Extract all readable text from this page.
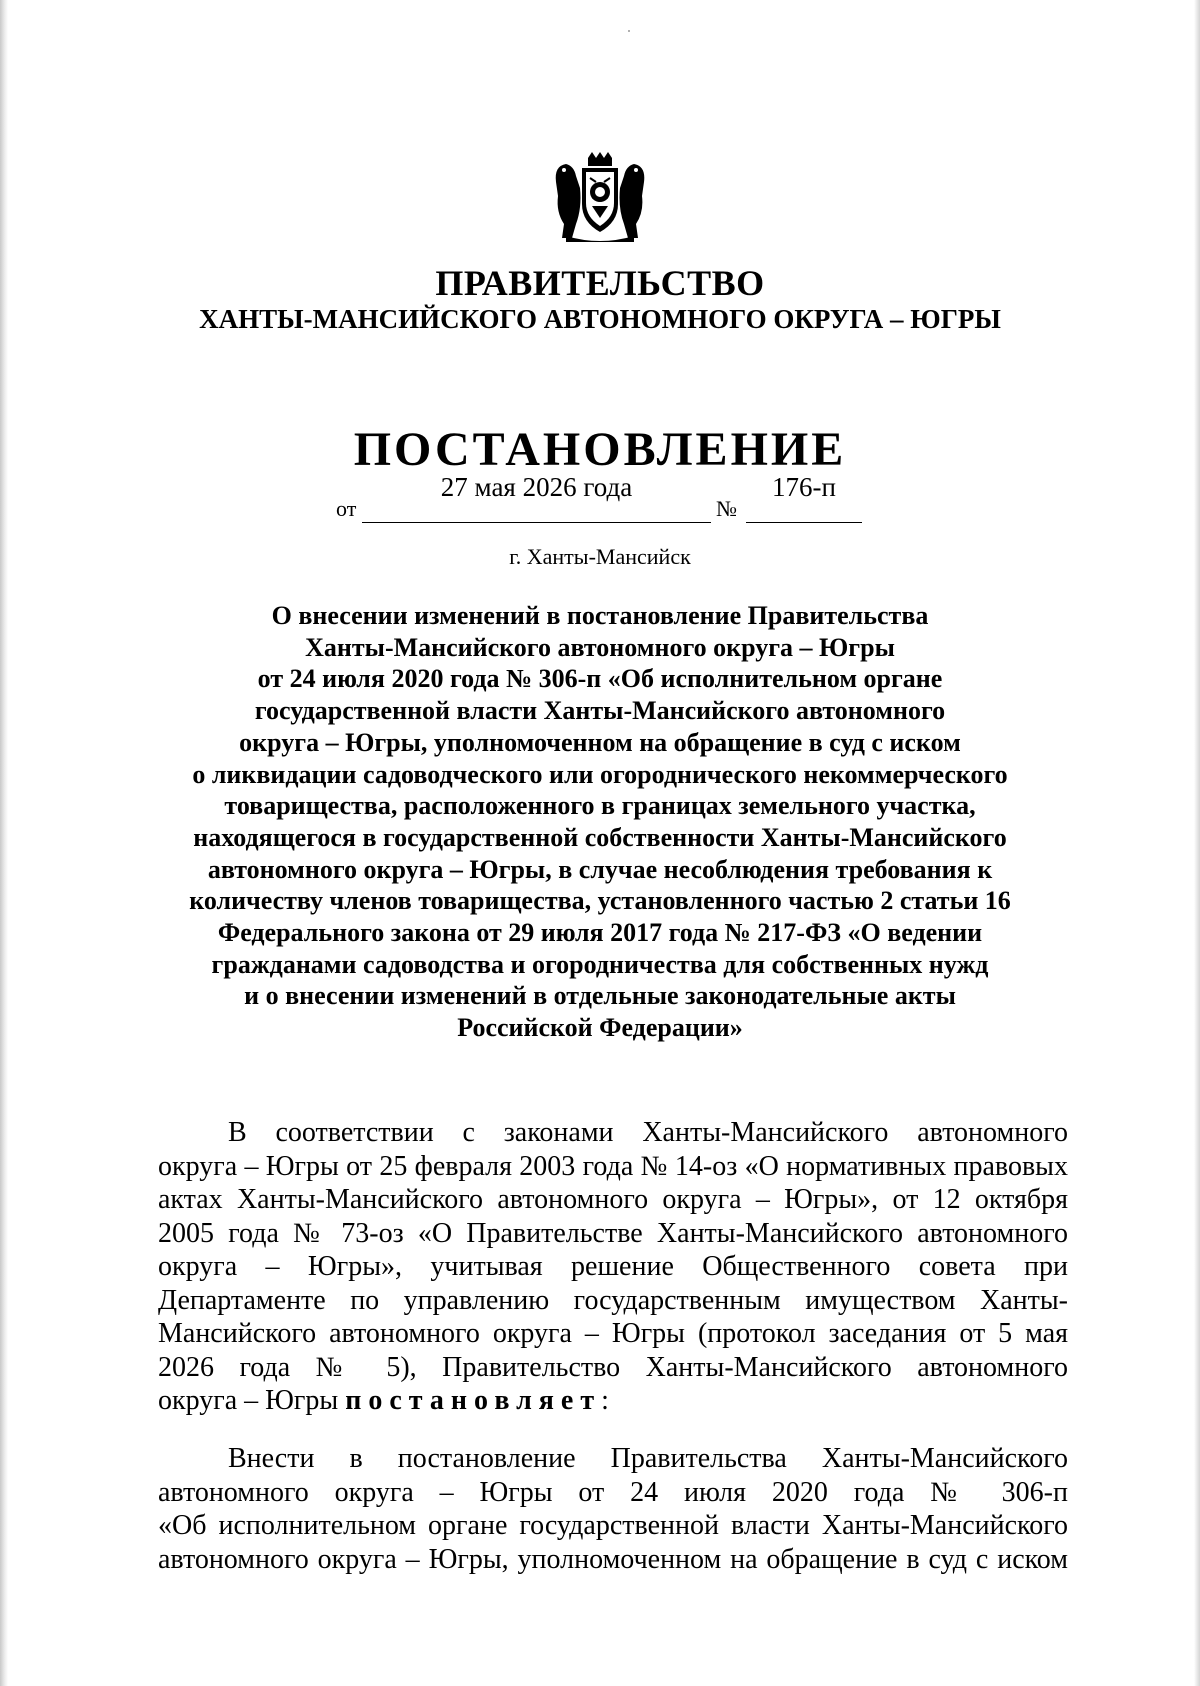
ПРАВИТЕЛЬСТВО
ХАНТЫ-МАНСИЙСКОГО АВТОНОМНОГО ОКРУГА – ЮГРЫ
ПОСТАНОВЛЕНИЕ
от
27 мая 2026 года
№
176-п
г. Ханты-Мансийск
О внесении изменений в постановление Правительства
Ханты-Мансийского автономного округа – Югры
от 24 июля 2020 года № 306-п «Об исполнительном органе
государственной власти Ханты-Мансийского автономного
округа – Югры, уполномоченном на обращение в суд с иском
о ликвидации садоводческого или огороднического некоммерческого
товарищества, расположенного в границах земельного участка,
находящегося в государственной собственности Ханты-Мансийского
автономного округа – Югры, в случае несоблюдения требования к
количеству членов товарищества, установленного частью 2 статьи 16
Федерального закона от 29 июля 2017 года № 217-ФЗ «О ведении
гражданами садоводства и огородничества для собственных нужд
и о внесении изменений в отдельные законодательные акты
Российской Федерации»
В соответствии с законами Ханты-Мансийского автономного
округа – Югры от 25 февраля 2003 года № 14-оз «О нормативных правовых
актах Ханты-Мансийского автономного округа – Югры», от 12 октября
2005 года № 73-оз «О Правительстве Ханты-Мансийского автономного
округа – Югры», учитывая решение Общественного совета при
Департаменте по управлению государственным имуществом Ханты-
Мансийского автономного округа – Югры (протокол заседания от 5 мая
2026 года № 5), Правительство Ханты-Мансийского автономного
округа – Югры постановляет:
Внести в постановление Правительства Ханты-Мансийского
автономного округа – Югры от 24 июля 2020 года № 306-п
«Об исполнительном органе государственной власти Ханты-Мансийского
автономного округа – Югры, уполномоченном на обращение в суд с иском
